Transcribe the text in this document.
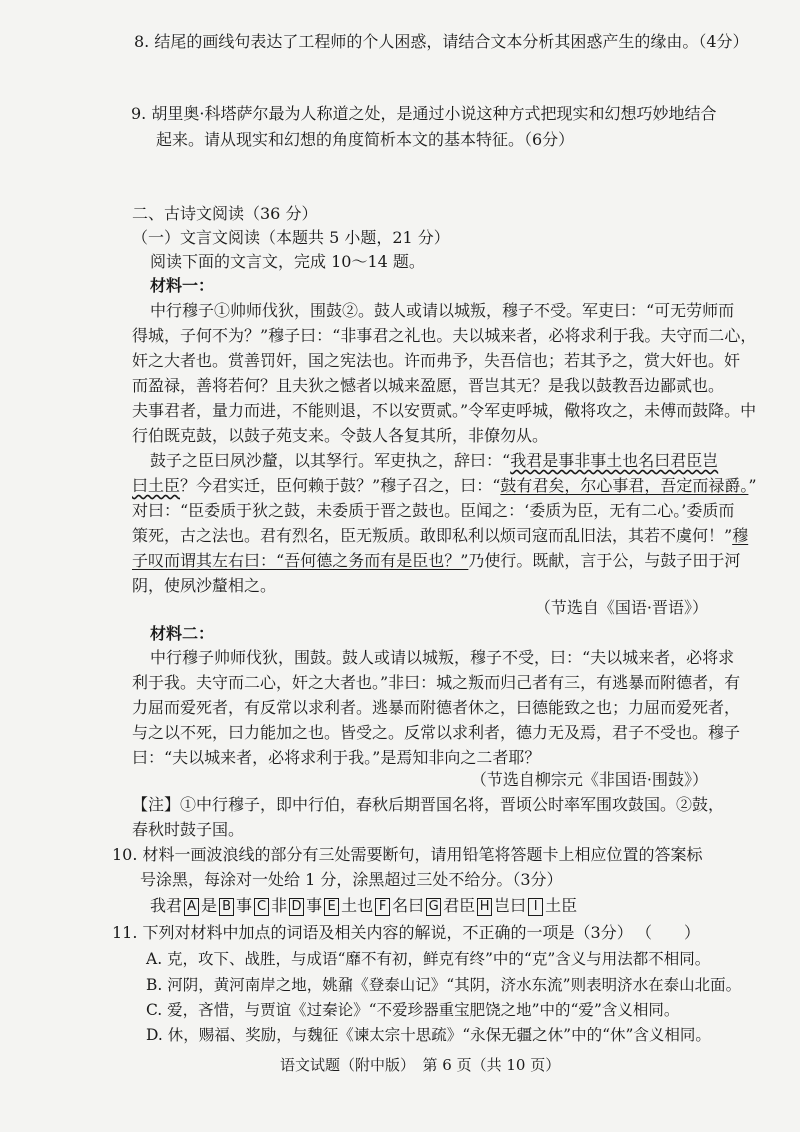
8. 结尾的画线句表达了工程师的个人困惑，请结合文本分析其困惑产生的缘由。（4分）
9. 胡里奥·科塔萨尔最为人称道之处，是通过小说这种方式把现实和幻想巧妙地结合
起来。请从现实和幻想的角度简析本文的基本特征。（6分）
二、古诗文阅读（36 分）
（一）文言文阅读（本题共 5 小题，21 分）
阅读下面的文言文，完成 10～14 题。
材料一：
中行穆子①帅师伐狄，围鼓②。鼓人或请以城叛，穆子不受。军吏曰：“可无劳师而
得城，子何不为？”穆子曰：“非事君之礼也。夫以城来者，必将求利于我。夫守而二心，
奸之大者也。赏善罚奸，国之宪法也。许而弗予，失吾信也；若其予之，赏大奸也。奸
而盈禄，善将若何？且夫狄之憾者以城来盈愿，晋岂其无？是我以鼓教吾边鄙贰也。
夫事君者，量力而进，不能则退，不以安贾贰。”令军吏呼城，儆将攻之，未傅而鼓降。中
行伯既克鼓，以鼓子苑支来。令鼓人各复其所，非僚勿从。
鼓子之臣曰夙沙釐，以其孥行。军吏执之，辞曰：“我君是事非事土也名曰君臣岂
曰土臣？今君实迁，臣何赖于鼓？”穆子召之，曰：“鼓有君矣，尔心事君，吾定而禄爵。”
对曰：“臣委质于狄之鼓，未委质于晋之鼓也。臣闻之：‘委质为臣，无有二心。’委质而
策死，古之法也。君有烈名，臣无叛质。敢即私利以烦司寇而乱旧法，其若不虞何！”穆
子叹而谓其左右曰：“吾何德之务而有是臣也？”乃使行。既献，言于公，与鼓子田于河
阴，使夙沙釐相之。
（节选自《国语·晋语》）
材料二：
中行穆子帅师伐狄，围鼓。鼓人或请以城叛，穆子不受，曰：“夫以城来者，必将求
利于我。夫守而二心，奸之大者也。”非曰：城之叛而归己者有三，有逃暴而附德者，有
力屈而爱死者，有反常以求利者。逃暴而附德者休之，曰德能致之也；力屈而爱死者，
与之以不死，曰力能加之也。皆受之。反常以求利者，德力无及焉，君子不受也。穆子
曰：“夫以城来者，必将求利于我。”是焉知非向之二者耶？
（节选自柳宗元《非国语·围鼓》）
【注】①中行穆子，即中行伯，春秋后期晋国名将，晋顷公时率军围攻鼓国。②鼓，
春秋时鼓子国。
10. 材料一画波浪线的部分有三处需要断句，请用铅笔将答题卡上相应位置的答案标
号涂黑，每涂对一处给 1 分，涂黑超过三处不给分。（3分）
我君 A 是 B 事 C 非 D 事 E 土也 F 名曰 G 君臣 H 岂曰 I 土臣
11. 下列对材料中加点的词语及相关内容的解说，不正确的一项是（3分） （　　）
A. 克，攻下、战胜，与成语“靡不有初，鲜克有终”中的“克”含义与用法都不相同。
B. 河阴，黄河南岸之地，姚鼐《登泰山记》“其阴，济水东流”则表明济水在泰山北面。
C. 爱，吝惜，与贾谊《过秦论》“不爱珍器重宝肥饶之地”中的“爱”含义相同。
D. 休，赐福、奖励，与魏征《谏太宗十思疏》“永保无疆之休”中的“休”含义相同。
语文试题（附中版）　第 6 页（共 10 页）
